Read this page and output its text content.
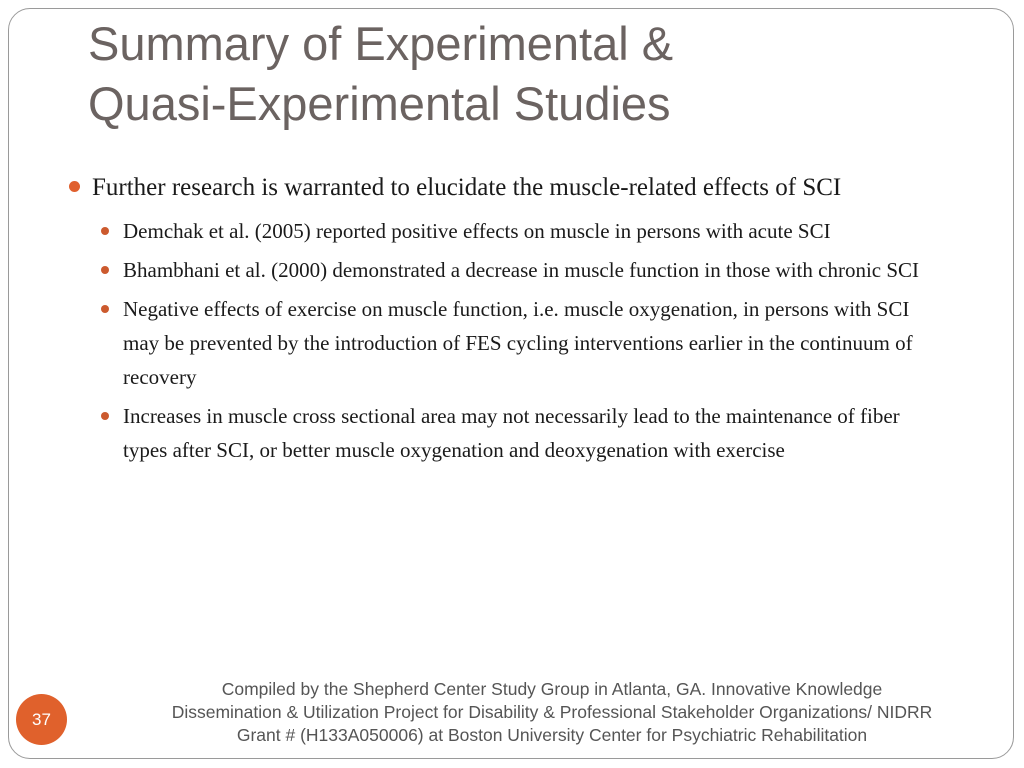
Summary of Experimental &
Quasi-Experimental Studies
Further research is warranted to elucidate the muscle-related effects of SCI
Demchak et al. (2005) reported positive effects on muscle in persons with acute SCI
Bhambhani et al. (2000) demonstrated a decrease in muscle function in those with chronic SCI
Negative effects of exercise on muscle function, i.e. muscle oxygenation, in persons with SCI may be prevented by the introduction of FES cycling interventions earlier in the continuum of recovery
Increases in muscle cross sectional area may not necessarily lead to the maintenance of fiber types after SCI, or better muscle oxygenation and deoxygenation with exercise
Compiled by the Shepherd Center Study Group in Atlanta, GA. Innovative Knowledge
Dissemination & Utilization Project for Disability & Professional Stakeholder Organizations/ NIDRR
Grant # (H133A050006) at Boston University Center for Psychiatric Rehabilitation
37
